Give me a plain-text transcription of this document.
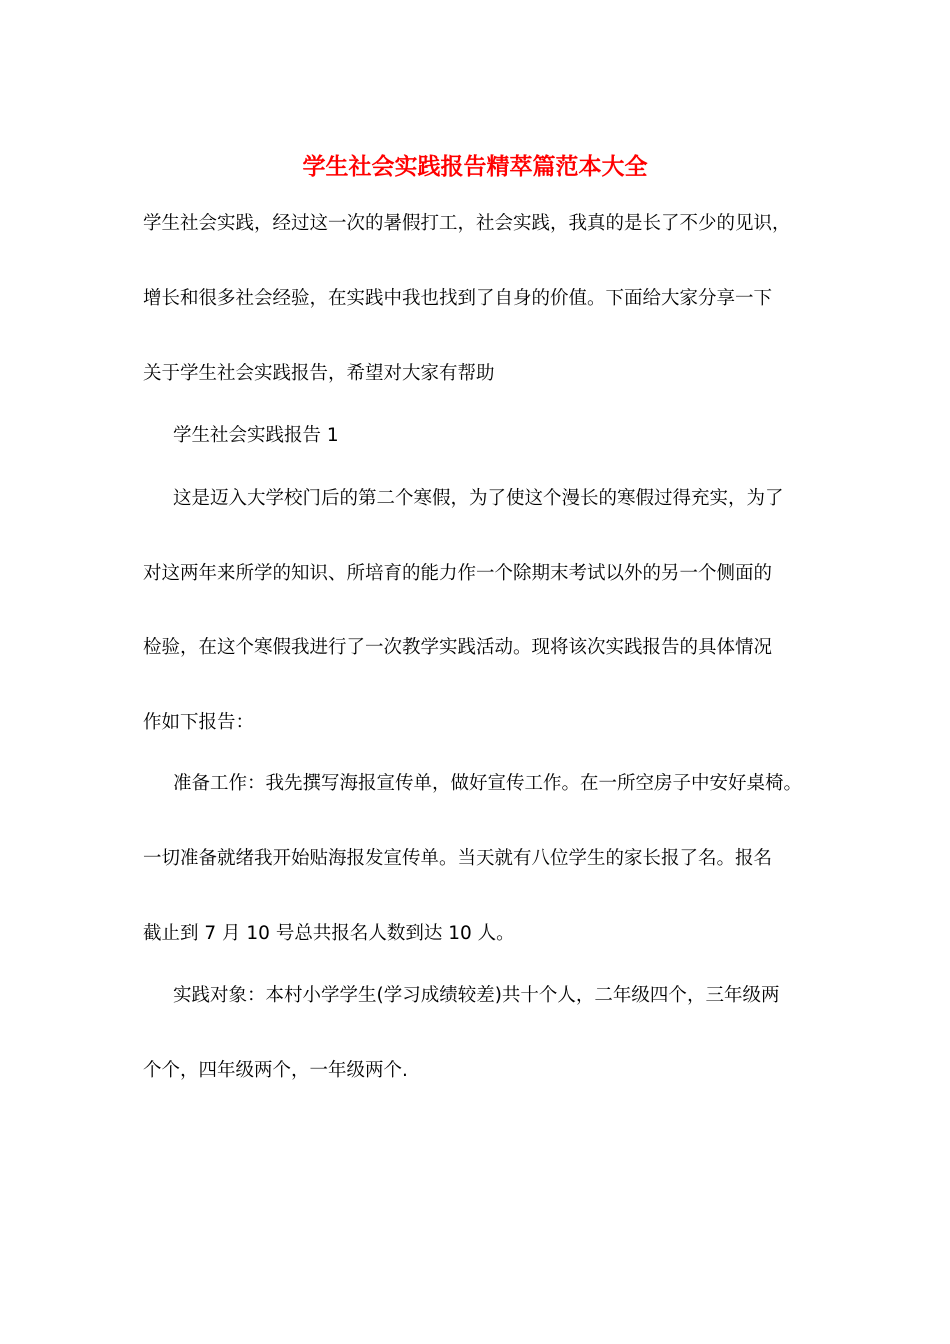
学生社会实践报告精萃篇范本大全
学生社会实践，经过这一次的暑假打工，社会实践，我真的是长了不少的见识，
增长和很多社会经验，在实践中我也找到了自身的价值。下面给大家分享一下
关于学生社会实践报告，希望对大家有帮助
学生社会实践报告 1
这是迈入大学校门后的第二个寒假，为了使这个漫长的寒假过得充实，为了
对这两年来所学的知识、所培育的能力作一个除期末考试以外的另一个侧面的
检验，在这个寒假我进行了一次教学实践活动。现将该次实践报告的具体情况
作如下报告：
准备工作：我先撰写海报宣传单，做好宣传工作。在一所空房子中安好桌椅。
一切准备就绪我开始贴海报发宣传单。当天就有八位学生的家长报了名。报名
截止到 7 月 10 号总共报名人数到达 10 人。
实践对象：本村小学学生(学习成绩较差)共十个人，二年级四个，三年级两
个个，四年级两个，一年级两个.
